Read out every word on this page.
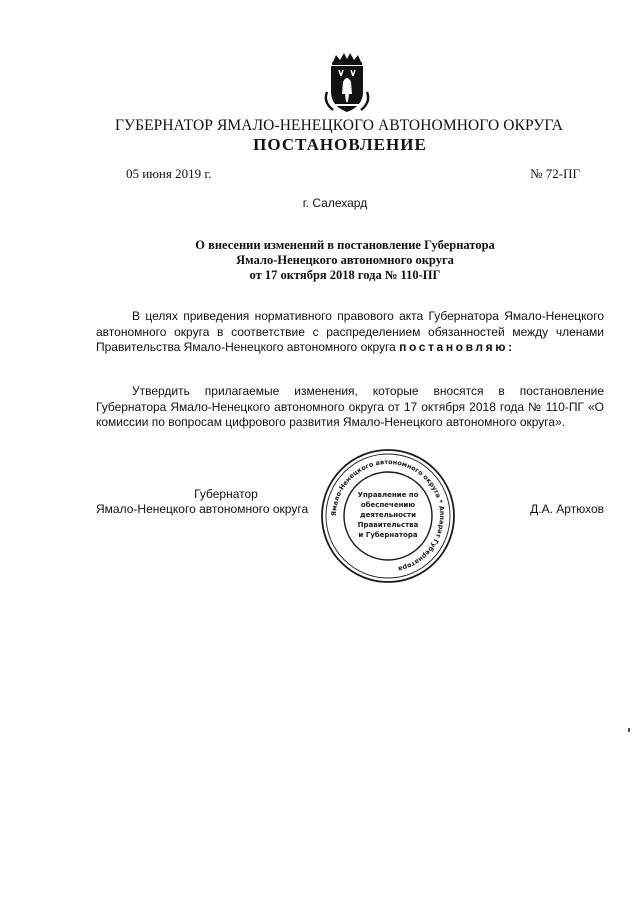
ГУБЕРНАТОР ЯМАЛО-НЕНЕЦКОГО АВТОНОМНОГО ОКРУГА
ПОСТАНОВЛЕНИЕ
05 июня 2019 г.	№ 72-ПГ
г. Салехард
О внесении изменений в постановление Губернатора
Ямало-Ненецкого автономного округа
от 17 октября 2018 года № 110-ПГ
В целях приведения нормативного правового акта Губернатора Ямало-Ненецкого автономного округа в соответствие с распределением обязанностей между членами Правительства Ямало-Ненецкого автономного округа постановляю:
Утвердить прилагаемые изменения, которые вносятся в постановление Губернатора Ямало-Ненецкого автономного округа от 17 октября 2018 года № 110-ПГ «О комиссии по вопросам цифрового развития Ямало-Ненецкого автономного округа».
Губернатор
Ямало-Ненецкого автономного округа	Д.А. Артюхов
Ямало-Ненецкого автономного округа * Аппарат Губернатора
Управление по
обеспечению
деятельности
Правительства
и Губернатора
